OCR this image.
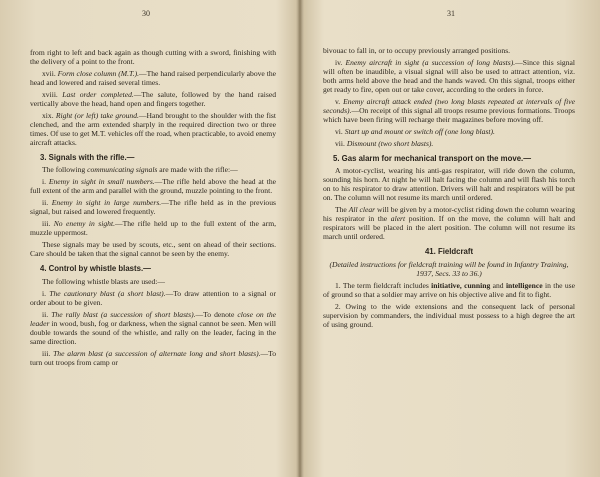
30

from right to left and back again as though cutting with a sword, finishing with the delivery of a point to the front.

xvii. Form close column (M.T.).—The hand raised perpendicularly above the head and lowered and raised several times.

xviii. Last order completed.—The salute, followed by the hand raised vertically above the head, hand open and fingers together.

xix. Right (or left) take ground.—Hand brought to the shoulder with the fist clenched, and the arm extended sharply in the required direction two or three times. Of use to get M.T. vehicles off the road, when practicable, to avoid enemy aircraft attacks.

3. Signals with the rifle.—

The following communicating signals are made with the rifle:—

i. Enemy in sight in small numbers.—The rifle held above the head at the full extent of the arm and parallel with the ground, muzzle pointing to the front.

ii. Enemy in sight in large numbers.—The rifle held as in the previous signal, but raised and lowered frequently.

iii. No enemy in sight.—The rifle held up to the full extent of the arm, muzzle uppermost.

These signals may be used by scouts, etc., sent on ahead of their sections. Care should be taken that the signal cannot be seen by the enemy.

4. Control by whistle blasts.—

The following whistle blasts are used:—

i. The cautionary blast (a short blast).—To draw attention to a signal or order about to be given.

ii. The rally blast (a succession of short blasts).—To denote close on the leader in wood, bush, fog or darkness, when the signal cannot be seen. Men will double towards the sound of the whistle, and rally on the leader, facing in the same direction.

iii. The alarm blast (a succession of alternate long and short blasts).—To turn out troops from camp or

31

bivouac to fall in, or to occupy previously arranged positions.

iv. Enemy aircraft in sight (a succession of long blasts).—Since this signal will often be inaudible, a visual signal will also be used to attract attention, viz. both arms held above the head and the hands waved. On this signal, troops either get ready to fire, open out or take cover, according to the orders in force.

v. Enemy aircraft attack ended (two long blasts repeated at intervals of five seconds).—On receipt of this signal all troops resume previous formations. Troops which have been firing will recharge their magazines before moving off.

vi. Start up and mount or switch off (one long blast).

vii. Dismount (two short blasts).

5. Gas alarm for mechanical transport on the move.—

A motor-cyclist, wearing his anti-gas respirator, will ride down the column, sounding his horn. At night he will halt facing the column and will flash his torch on to his respirator to draw attention. Drivers will halt and respirators will be put on. The column will not resume its march until ordered.

The All clear will be given by a motor-cyclist riding down the column wearing his respirator in the alert position. If on the move, the column will halt and respirators will be placed in the alert position. The column will not resume its march until ordered.

41. Fieldcraft

(Detailed instructions for fieldcraft training will be found in Infantry Training, 1937, Secs. 33 to 36.)

1. The term fieldcraft includes initiative, cunning and intelligence in the use of ground so that a soldier may arrive on his objective alive and fit to fight.

2. Owing to the wide extensions and the consequent lack of personal supervision by commanders, the individual must possess to a high degree the art of using ground.
